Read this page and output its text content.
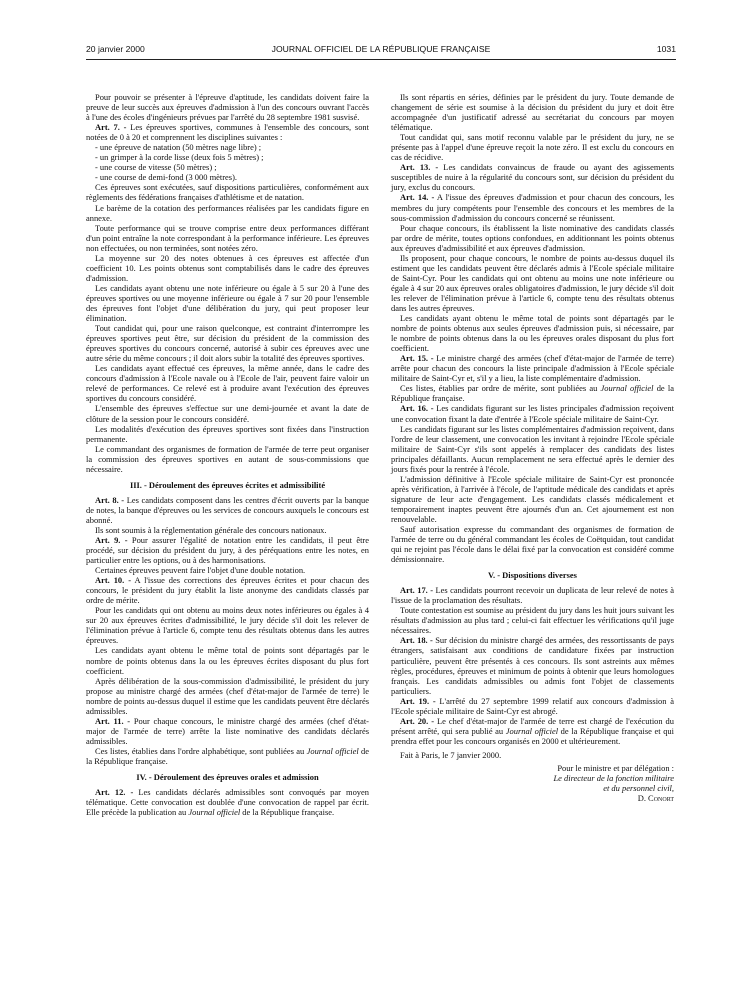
20 janvier 2000	JOURNAL OFFICIEL DE LA RÉPUBLIQUE FRANÇAISE	1031

Pour pouvoir se présenter à l'épreuve d'aptitude, les candidats doivent faire la preuve de leur succès aux épreuves d'admission à l'un des concours ouvrant l'accès à l'une des écoles d'ingénieurs prévues par l'arrêté du 28 septembre 1981 susvisé.

Art. 7. - Les épreuves sportives, communes à l'ensemble des concours, sont notées de 0 à 20 et comprennent les disciplines suivantes :

- une épreuve de natation (50 mètres nage libre) ;

- un grimper à la corde lisse (deux fois 5 mètres) ;

- une course de vitesse (50 mètres) ;

- une course de demi-fond (3 000 mètres).

Ces épreuves sont exécutées, sauf dispositions particulières, conformément aux règlements des fédérations françaises d'athlétisme et de natation.

Le barème de la cotation des performances réalisées par les candidats figure en annexe.

Toute performance qui se trouve comprise entre deux performances différant d'un point entraîne la note correspondant à la performance inférieure. Les épreuves non effectuées, ou non terminées, sont notées zéro.

La moyenne sur 20 des notes obtenues à ces épreuves est affectée d'un coefficient 10. Les points obtenus sont comptabilisés dans le cadre des épreuves d'admission.

Les candidats ayant obtenu une note inférieure ou égale à 5 sur 20 à l'une des épreuves sportives ou une moyenne inférieure ou égale à 7 sur 20 pour l'ensemble des épreuves font l'objet d'une délibération du jury, qui peut proposer leur élimination.

Tout candidat qui, pour une raison quelconque, est contraint d'interrompre les épreuves sportives peut être, sur décision du président de la commission des épreuves sportives du concours concerné, autorisé à subir ces épreuves avec une autre série du même concours ; il doit alors subir la totalité des épreuves sportives.

Les candidats ayant effectué ces épreuves, la même année, dans le cadre des concours d'admission à l'Ecole navale ou à l'Ecole de l'air, peuvent faire valoir un relevé de performances. Ce relevé est à produire avant l'exécution des épreuves sportives du concours considéré.

L'ensemble des épreuves s'effectue sur une demi-journée et avant la date de clôture de la session pour le concours considéré.

Les modalités d'exécution des épreuves sportives sont fixées dans l'instruction permanente.

Le commandant des organismes de formation de l'armée de terre peut organiser la commission des épreuves sportives en autant de sous-commissions que nécessaire.

III. - Déroulement des épreuves écrites et admissibilité

Art. 8. - Les candidats composent dans les centres d'écrit ouverts par la banque de notes, la banque d'épreuves ou les services de concours auxquels le concours est abonné.

Ils sont soumis à la réglementation générale des concours nationaux.

Art. 9. - Pour assurer l'égalité de notation entre les candidats, il peut être procédé, sur décision du président du jury, à des péréquations entre les notes, en particulier entre les options, ou à des harmonisations.

Certaines épreuves peuvent faire l'objet d'une double notation.

Art. 10. - A l'issue des corrections des épreuves écrites et pour chacun des concours, le président du jury établit la liste anonyme des candidats classés par ordre de mérite.

Pour les candidats qui ont obtenu au moins deux notes inférieures ou égales à 4 sur 20 aux épreuves écrites d'admissibilité, le jury décide s'il doit les relever de l'élimination prévue à l'article 6, compte tenu des résultats obtenus dans les autres épreuves.

Les candidats ayant obtenu le même total de points sont départagés par le nombre de points obtenus dans la ou les épreuves écrites disposant du plus fort coefficient.

Après délibération de la sous-commission d'admissibilité, le président du jury propose au ministre chargé des armées (chef d'état-major de l'armée de terre) le nombre de points au-dessus duquel il estime que les candidats peuvent être déclarés admissibles.

Art. 11. - Pour chaque concours, le ministre chargé des armées (chef d'état-major de l'armée de terre) arrête la liste nominative des candidats déclarés admissibles.

Ces listes, établies dans l'ordre alphabétique, sont publiées au Journal officiel de la République française.

IV. - Déroulement des épreuves orales et admission

Art. 12. - Les candidats déclarés admissibles sont convoqués par moyen télématique. Cette convocation est doublée d'une convocation de rappel par écrit. Elle précède la publication au Journal officiel de la République française.

Ils sont répartis en séries, définies par le président du jury. Toute demande de changement de série est soumise à la décision du président du jury et doit être accompagnée d'un justificatif adressé au secrétariat du concours par moyen télématique.

Tout candidat qui, sans motif reconnu valable par le président du jury, ne se présente pas à l'appel d'une épreuve reçoit la note zéro. Il est exclu du concours en cas de récidive.

Art. 13. - Les candidats convaincus de fraude ou ayant des agissements susceptibles de nuire à la régularité du concours sont, sur décision du président du jury, exclus du concours.

Art. 14. - A l'issue des épreuves d'admission et pour chacun des concours, les membres du jury compétents pour l'ensemble des concours et les membres de la sous-commission d'admission du concours concerné se réunissent.

Pour chaque concours, ils établissent la liste nominative des candidats classés par ordre de mérite, toutes options confondues, en additionnant les points obtenus aux épreuves d'admissibilité et aux épreuves d'admission.

Ils proposent, pour chaque concours, le nombre de points au-dessus duquel ils estiment que les candidats peuvent être déclarés admis à l'Ecole spéciale militaire de Saint-Cyr. Pour les candidats qui ont obtenu au moins une note inférieure ou égale à 4 sur 20 aux épreuves orales obligatoires d'admission, le jury décide s'il doit les relever de l'élimination prévue à l'article 6, compte tenu des résultats obtenus dans les autres épreuves.

Les candidats ayant obtenu le même total de points sont départagés par le nombre de points obtenus aux seules épreuves d'admission puis, si nécessaire, par le nombre de points obtenus dans la ou les épreuves orales disposant du plus fort coefficient.

Art. 15. - Le ministre chargé des armées (chef d'état-major de l'armée de terre) arrête pour chacun des concours la liste principale d'admission à l'Ecole spéciale militaire de Saint-Cyr et, s'il y a lieu, la liste complémentaire d'admission.

Ces listes, établies par ordre de mérite, sont publiées au Journal officiel de la République française.

Art. 16. - Les candidats figurant sur les listes principales d'admission reçoivent une convocation fixant la date d'entrée à l'Ecole spéciale militaire de Saint-Cyr.

Les candidats figurant sur les listes complémentaires d'admission reçoivent, dans l'ordre de leur classement, une convocation les invitant à rejoindre l'Ecole spéciale militaire de Saint-Cyr s'ils sont appelés à remplacer des candidats des listes principales défaillants. Aucun remplacement ne sera effectué après le dernier des jours fixés pour la rentrée à l'école.

L'admission définitive à l'Ecole spéciale militaire de Saint-Cyr est prononcée après vérification, à l'arrivée à l'école, de l'aptitude médicale des candidats et après signature de leur acte d'engagement. Les candidats classés médicalement et temporairement inaptes peuvent être ajournés d'un an. Cet ajournement est non renouvelable.

Sauf autorisation expresse du commandant des organismes de formation de l'armée de terre ou du général commandant les écoles de Coëtquidan, tout candidat qui ne rejoint pas l'école dans le délai fixé par la convocation est considéré comme démissionnaire.

V. - Dispositions diverses

Art. 17. - Les candidats pourront recevoir un duplicata de leur relevé de notes à l'issue de la proclamation des résultats.

Toute contestation est soumise au président du jury dans les huit jours suivant les résultats d'admission au plus tard ; celui-ci fait effectuer les vérifications qu'il juge nécessaires.

Art. 18. - Sur décision du ministre chargé des armées, des ressortissants de pays étrangers, satisfaisant aux conditions de candidature fixées par instruction particulière, peuvent être présentés à ces concours. Ils sont astreints aux mêmes règles, procédures, épreuves et minimum de points à obtenir que leurs homologues français. Les candidats admissibles ou admis font l'objet de classements particuliers.

Art. 19. - L'arrêté du 27 septembre 1999 relatif aux concours d'admission à l'Ecole spéciale militaire de Saint-Cyr est abrogé.

Art. 20. - Le chef d'état-major de l'armée de terre est chargé de l'exécution du présent arrêté, qui sera publié au Journal officiel de la République française et qui prendra effet pour les concours organisés en 2000 et ultérieurement.

Fait à Paris, le 7 janvier 2000.

Pour le ministre et par délégation :
Le directeur de la fonction militaire
et du personnel civil,
D. Conort
